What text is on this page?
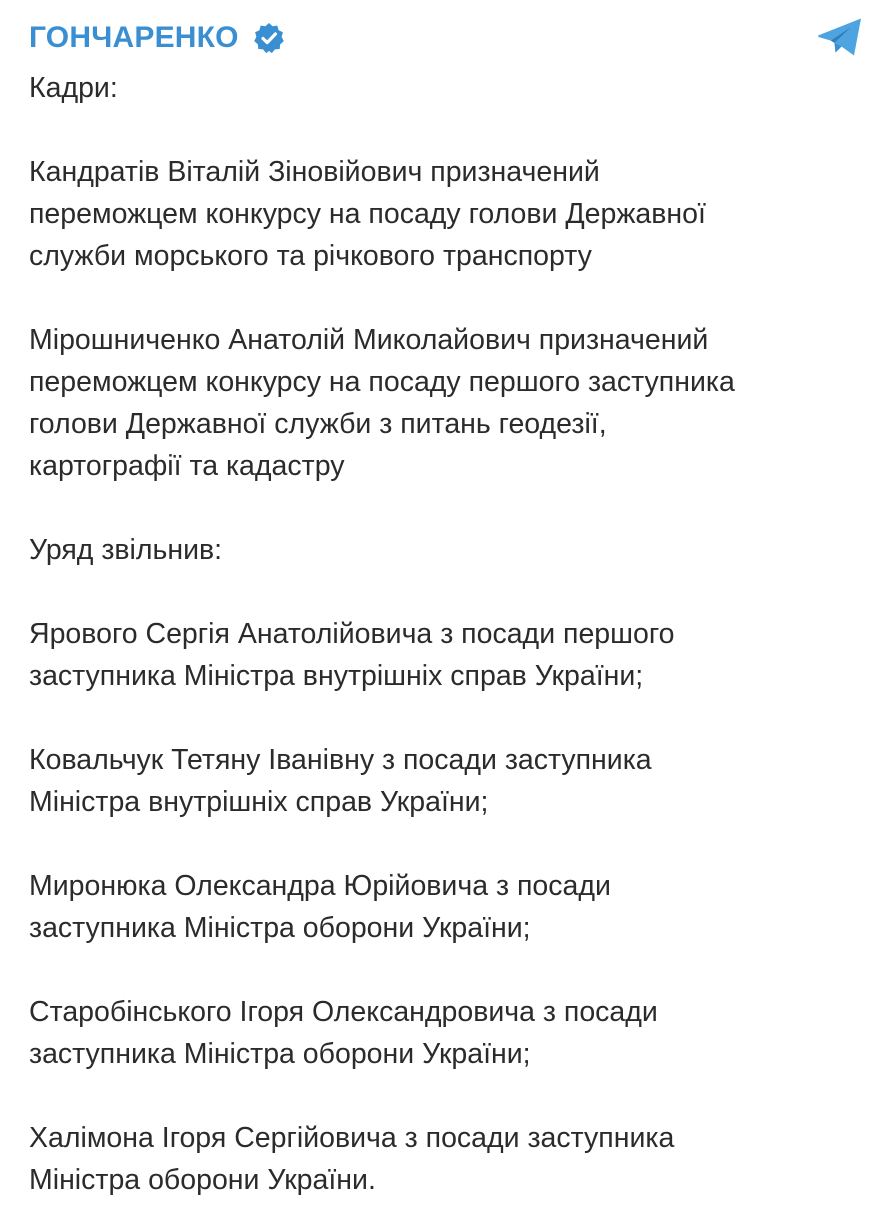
ГОНЧАРЕНКО

Кадри:

Кандратів Віталій Зіновійович призначений
переможцем конкурсу на посаду голови Державної
служби морського та річкового транспорту

Мірошниченко Анатолій Миколайович призначений
переможцем конкурсу на посаду першого заступника
голови Державної служби з питань геодезії,
картографії та кадастру

Уряд звільнив:

Ярового Сергія Анатолійовича з посади першого
заступника Міністра внутрішніх справ України;

Ковальчук Тетяну Іванівну з посади заступника
Міністра внутрішніх справ України;

Миронюка Олександра Юрійовича з посади
заступника Міністра оборони України;

Старобінського Ігоря Олександровича з посади
заступника Міністра оборони України;

Халімона Ігоря Сергійовича з посади заступника
Міністра оборони України.
